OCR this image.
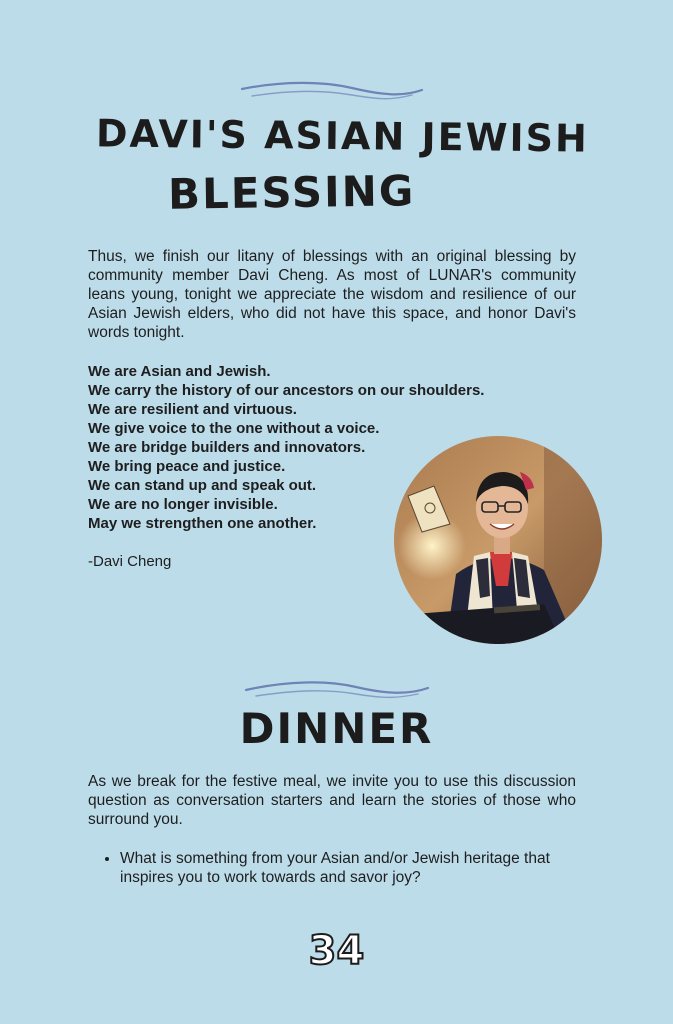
DAVI'S ASIAN JEWISH
BLESSING

Thus, we finish our litany of blessings with an original blessing by community member Davi Cheng. As most of LUNAR's community leans young, tonight we appreciate the wisdom and resilience of our Asian Jewish elders, who did not have this space, and honor Davi's words tonight.

We are Asian and Jewish.
We carry the history of our ancestors on our shoulders.
We are resilient and virtuous.
We give voice to the one without a voice.
We are bridge builders and innovators.
We bring peace and justice.
We can stand up and speak out.
We are no longer invisible.
May we strengthen one another.

-Davi Cheng

DINNER

As we break for the festive meal, we invite you to use this discussion question as conversation starters and learn the stories of those who surround you.

• What is something from your Asian and/or Jewish heritage that inspires you to work towards and savor joy?

34
